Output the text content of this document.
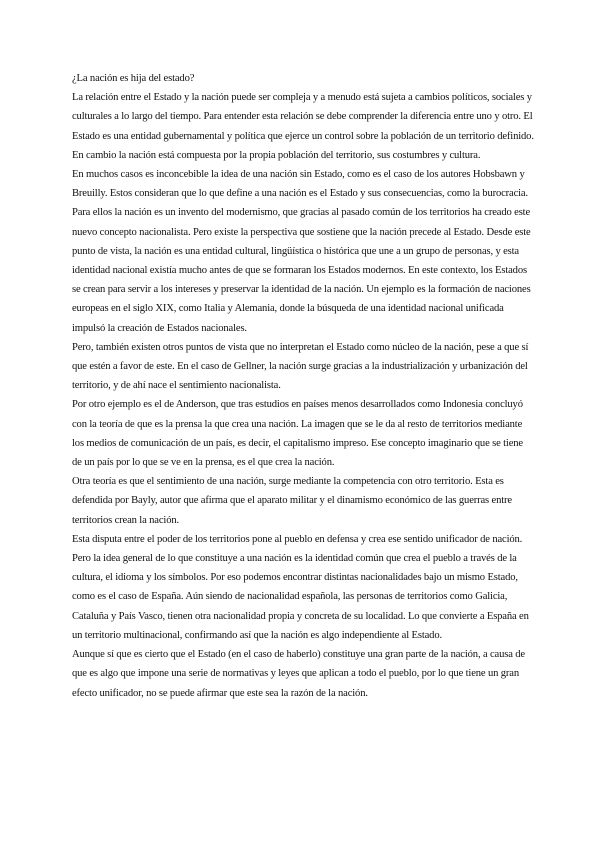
¿La nación es hija del estado?

La relación entre el Estado y la nación puede ser compleja y a menudo está sujeta a cambios políticos, sociales y culturales a lo largo del tiempo. Para entender esta relación se debe comprender la diferencia entre uno y otro. El Estado es una entidad gubernamental y política que ejerce un control sobre la población de un territorio definido. En cambio la nación está compuesta por la propia población del territorio, sus costumbres y cultura.

En muchos casos es inconcebible la idea de una nación sin Estado, como es el caso de los autores Hobsbawn y Breuilly. Estos consideran que lo que define a una nación es el Estado y sus consecuencias, como la burocracia. Para ellos la nación es un invento del modernismo, que gracias al pasado común de los territorios ha creado este nuevo concepto nacionalista. Pero existe la perspectiva que sostiene que la nación precede al Estado. Desde este punto de vista, la nación es una entidad cultural, lingüística o histórica que une a un grupo de personas, y esta identidad nacional existía mucho antes de que se formaran los Estados modernos. En este contexto, los Estados se crean para servir a los intereses y preservar la identidad de la nación. Un ejemplo es la formación de naciones europeas en el siglo XIX, como Italia y Alemania, donde la búsqueda de una identidad nacional unificada impulsó la creación de Estados nacionales.

Pero, también existen otros puntos de vista que no interpretan el Estado como núcleo de la nación, pese a que sí que estén a favor de este. En el caso de Gellner, la nación surge gracias a la industrialización y urbanización del territorio, y de ahí nace el sentimiento nacionalista.

Por otro ejemplo es el de Anderson, que tras estudios en países menos desarrollados como Indonesia concluyó con la teoría de que es la prensa la que crea una nación. La imagen que se le da al resto de territorios mediante los medios de comunicación de un país, es decir, el capitalismo impreso. Ese concepto imaginario que se tiene de un país por lo que se ve en la prensa, es el que crea la nación.

Otra teoría es que el sentimiento de una nación, surge mediante la competencia con otro territorio. Esta es defendida por Bayly, autor que afirma que el aparato militar y el dinamismo económico de las guerras entre territorios crean la nación.

Esta disputa entre el poder de los territorios pone al pueblo en defensa y crea ese sentido unificador de nación.

Pero la idea general de lo que constituye a una nación es la identidad común que crea el pueblo a través de la cultura, el idioma y los símbolos. Por eso podemos encontrar distintas nacionalidades bajo un mismo Estado, como es el caso de España. Aún siendo de nacionalidad española, las personas de territorios como Galicia, Cataluña y País Vasco, tienen otra nacionalidad propia y concreta de su localidad. Lo que convierte a España en un territorio multinacional, confirmando así que la nación es algo independiente al Estado.

Aunque sí que es cierto que el Estado (en el caso de haberlo) constituye una gran parte de la nación, a causa de que es algo que impone una serie de normativas y leyes que aplican a todo el pueblo, por lo que tiene un gran efecto unificador, no se puede afirmar que este sea la razón de la nación.
